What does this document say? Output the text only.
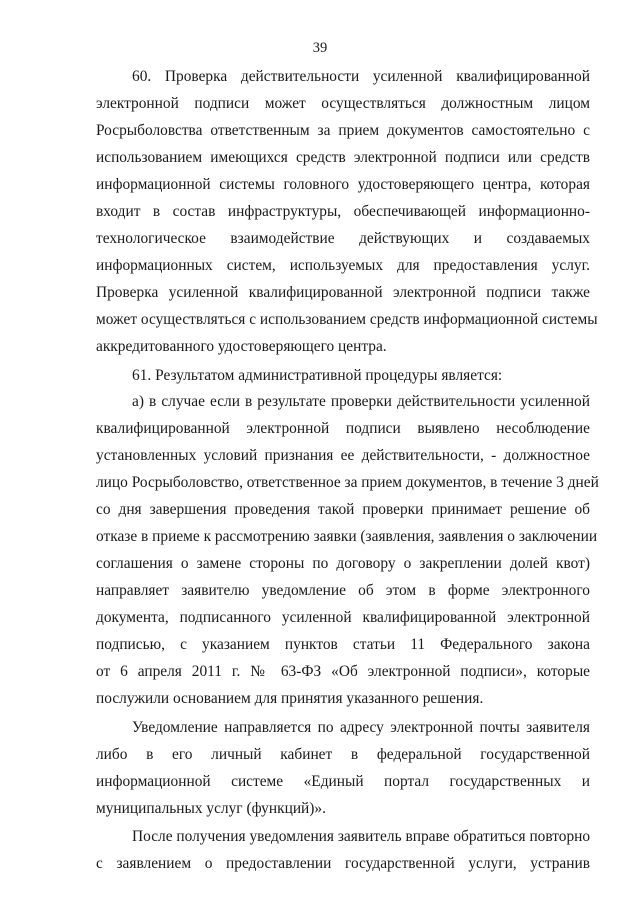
39
60. Проверка действительности усиленной квалифицированной
электронной подписи может осуществляться должностным лицом
Росрыболовства ответственным за прием документов самостоятельно с
использованием имеющихся средств электронной подписи или средств
информационной системы головного удостоверяющего центра, которая
входит в состав инфраструктуры, обеспечивающей информационно-
технологическое взаимодействие действующих и создаваемых
информационных систем, используемых для предоставления услуг.
Проверка усиленной квалифицированной электронной подписи также
может осуществляться с использованием средств информационной системы
аккредитованного удостоверяющего центра.
61. Результатом административной процедуры является:
а) в случае если в результате проверки действительности усиленной
квалифицированной электронной подписи выявлено несоблюдение
установленных условий признания ее действительности, - должностное
лицо Росрыболовство, ответственное за прием документов, в течение 3 дней
со дня завершения проведения такой проверки принимает решение об
отказе в приеме к рассмотрению заявки (заявления, заявления о заключении
соглашения о замене стороны по договору о закреплении долей квот)
направляет заявителю уведомление об этом в форме электронного
документа, подписанного усиленной квалифицированной электронной
подписью, с указанием пунктов статьи 11 Федерального закона
от 6 апреля 2011 г. № 63-ФЗ «Об электронной подписи», которые
послужили основанием для принятия указанного решения.
Уведомление направляется по адресу электронной почты заявителя
либо в его личный кабинет в федеральной государственной
информационной системе «Единый портал государственных и
муниципальных услуг (функций)».
После получения уведомления заявитель вправе обратиться повторно
с заявлением о предоставлении государственной услуги, устранив
